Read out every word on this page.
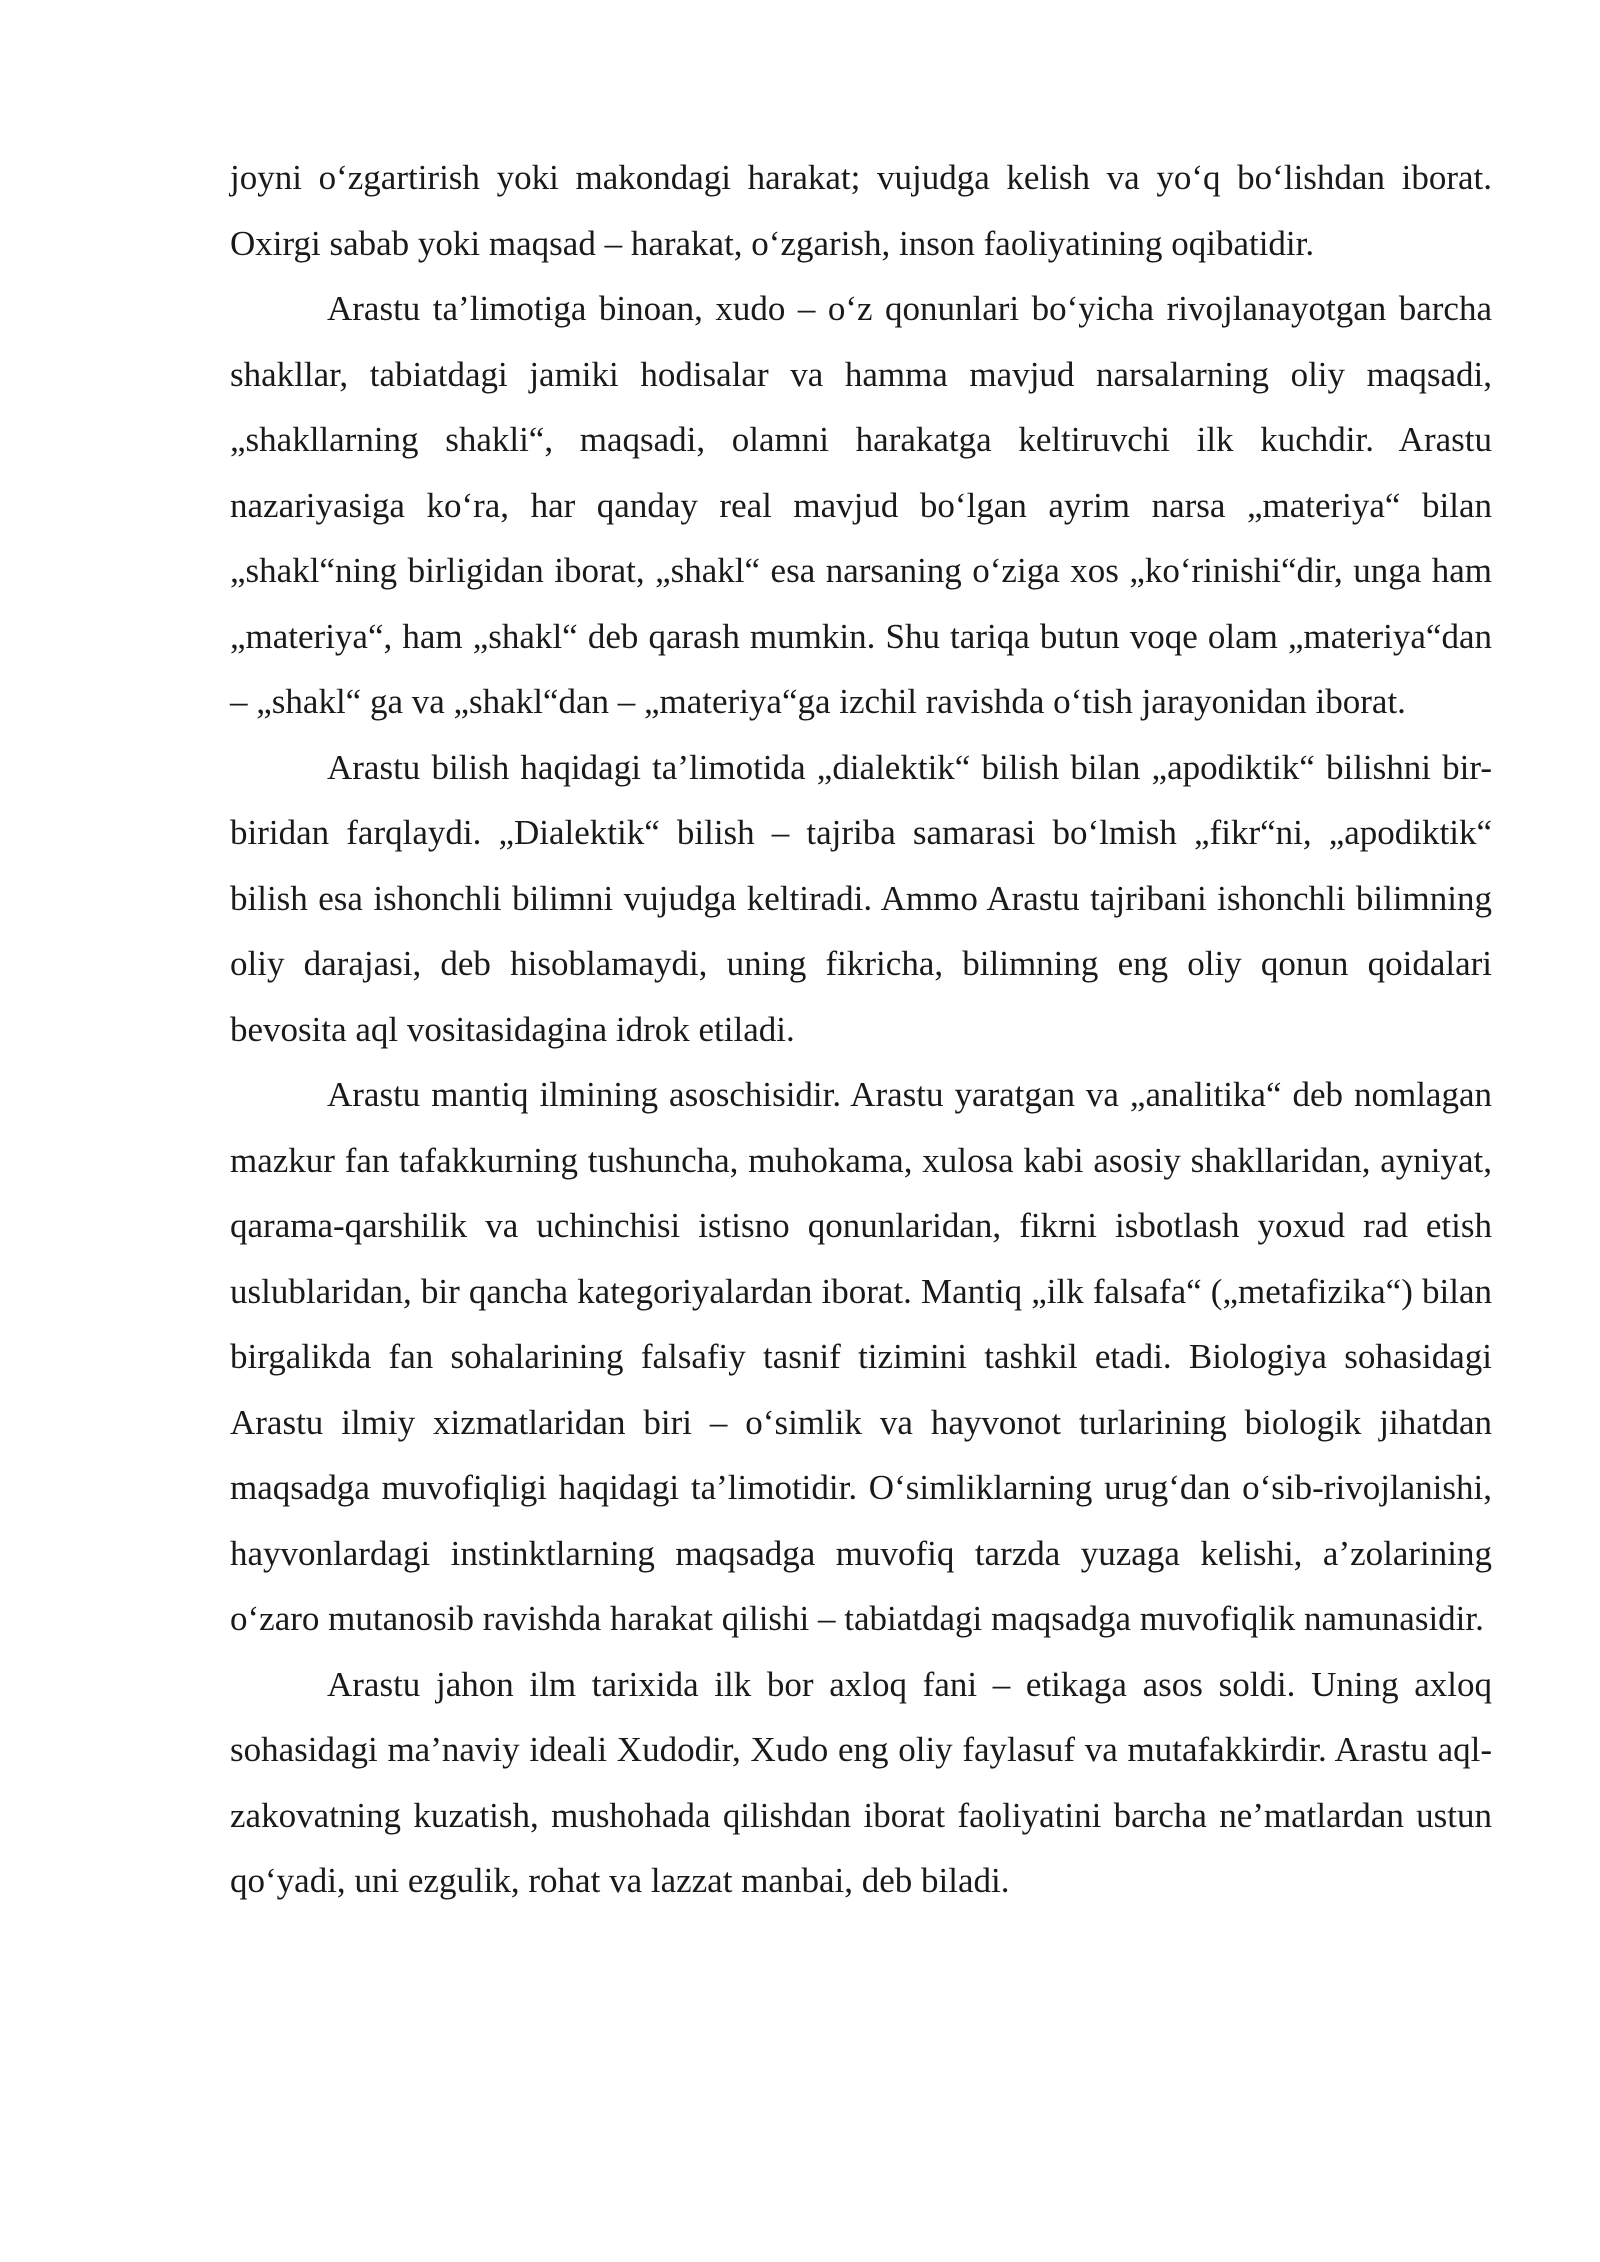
joyni o‘zgartirish yoki makondagi harakat; vujudga kelish va yo‘q bo‘lishdan iborat. Oxirgi sabab yoki maqsad – harakat, o‘zgarish, inson faoliyatining oqibatidir.

Arastu ta’limotiga binoan, xudo – o‘z qonunlari bo‘yicha rivojlanayotgan barcha shakllar, tabiatdagi jamiki hodisalar va hamma mavjud narsalarning oliy maqsadi, „shakllarning shakli“, maqsadi, olamni harakatga keltiruvchi ilk kuchdir. Arastu nazariyasiga ko‘ra, har qanday real mavjud bo‘lgan ayrim narsa „materiya“ bilan „shakl“ning birligidan iborat, „shakl“ esa narsaning o‘ziga xos „ko‘rinishi“dir, unga ham „materiya“, ham „shakl“ deb qarash mumkin. Shu tariqa butun voqe olam „materiya“dan – „shakl“ ga va „shakl“dan – „materiya“ga izchil ravishda o‘tish jarayonidan iborat.

Arastu bilish haqidagi ta’limotida „dialektik“ bilish bilan „apodiktik“ bilishni bir-biridan farqlaydi. „Dialektik“ bilish – tajriba samarasi bo‘lmish „fikr“ni, „apodiktik“ bilish esa ishonchli bilimni vujudga keltiradi. Ammo Arastu tajribani ishonchli bilimning oliy darajasi, deb hisoblamaydi, uning fikricha, bilimning eng oliy qonun qoidalari bevosita aql vositasidagina idrok etiladi.

Arastu mantiq ilmining asoschisidir. Arastu yaratgan va „analitika“ deb nomlagan mazkur fan tafakkurning tushuncha, muhokama, xulosa kabi asosiy shakllaridan, ayniyat, qarama-qarshilik va uchinchisi istisno qonunlaridan, fikrni isbotlash yoxud rad etish uslublaridan, bir qancha kategoriyalardan iborat. Mantiq „ilk falsafa“ („metafizika“) bilan birgalikda fan sohalarining falsafiy tasnif tizimini tashkil etadi. Biologiya sohasidagi Arastu ilmiy xizmatlaridan biri – o‘simlik va hayvonot turlarining biologik jihatdan maqsadga muvofiqligi haqidagi ta’limotidir. O‘simliklarning urug‘dan o‘sib-rivojlanishi, hayvonlardagi instinktlarning maqsadga muvofiq tarzda yuzaga kelishi, a’zolarining o‘zaro mutanosib ravishda harakat qilishi – tabiatdagi maqsadga muvofiqlik namunasidir.

Arastu jahon ilm tarixida ilk bor axloq fani – etikaga asos soldi. Uning axloq sohasidagi ma’naviy ideali Xudodir, Xudo eng oliy faylasuf va mutafakkirdir. Arastu aql-zakovatning kuzatish, mushohada qilishdan iborat faoliyatini barcha ne’matlardan ustun qo‘yadi, uni ezgulik, rohat va lazzat manbai, deb biladi.
